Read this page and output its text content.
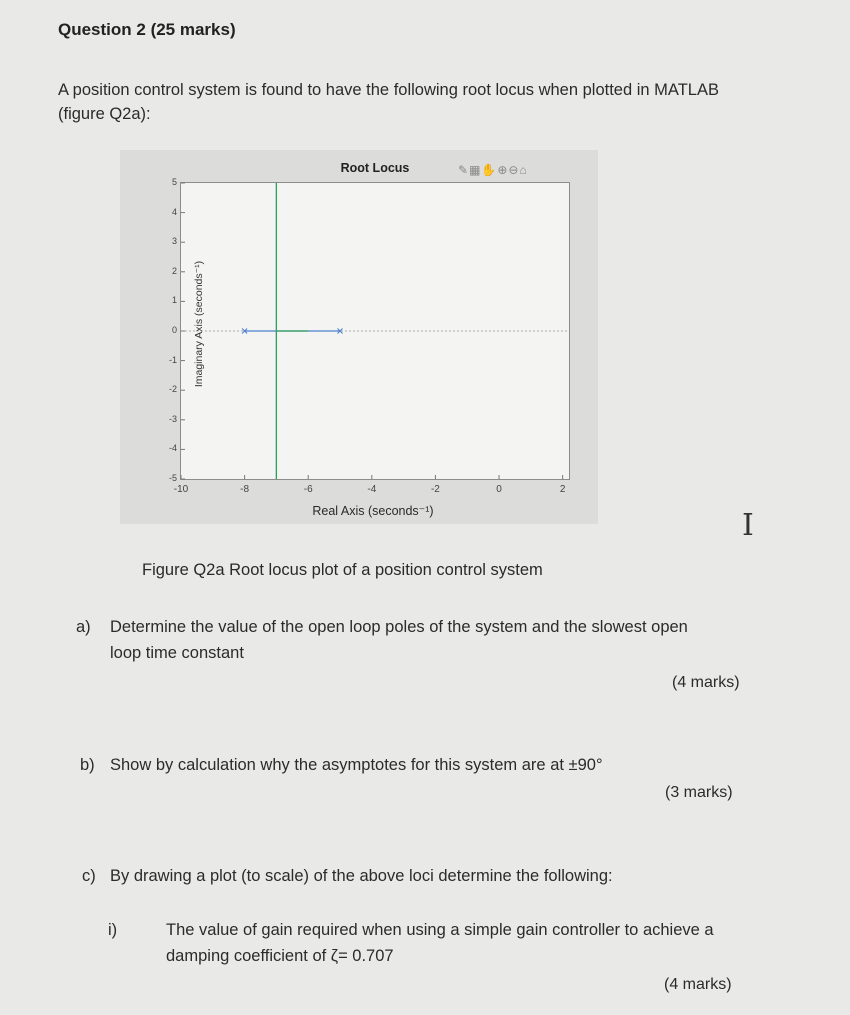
Question 2 (25 marks)
A position control system is found to have the following root locus when plotted in MATLAB (figure Q2a):
Root Locus	✎▦✋⊕⊖⌂
5
4
3
2
1
0
-1
-2
-3
-4
-5
-10	-8	-6	-4	-2	0	2
Imaginary Axis (seconds⁻¹)
Real Axis (seconds⁻¹)
Figure Q2a Root locus plot of a position control system
I
a) Determine the value of the open loop poles of the system and the slowest open loop time constant
(4 marks)
b) Show by calculation why the asymptotes for this system are at ±90°
(3 marks)
c) By drawing a plot (to scale) of the above loci determine the following:
i)	The value of gain required when using a simple gain controller to achieve a damping coefficient of ζ= 0.707
(4 marks)
